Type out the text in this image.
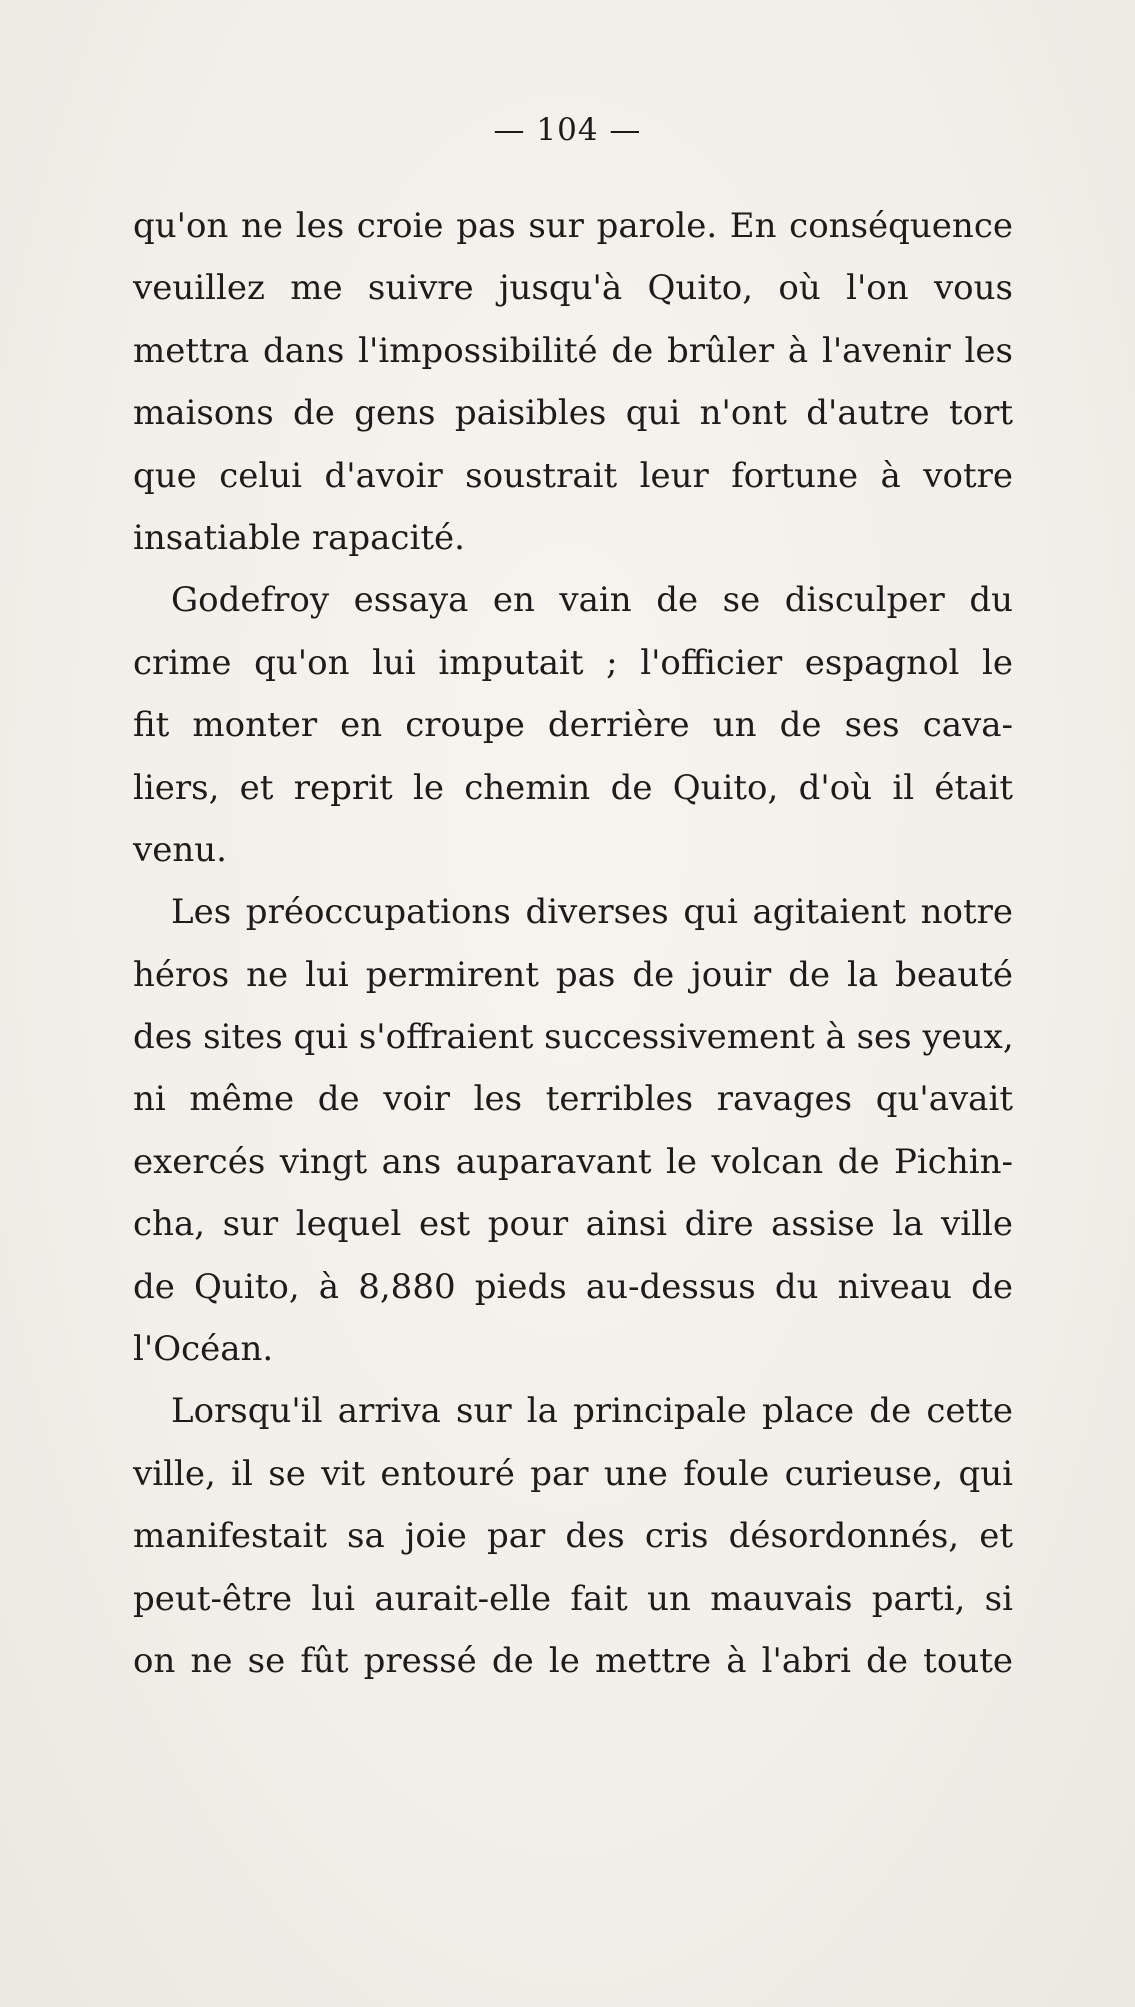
— 104 —
qu'on ne les croie pas sur parole. En conséquence
veuillez me suivre jusqu'à Quito, où l'on vous
mettra dans l'impossibilité de brûler à l'avenir les
maisons de gens paisibles qui n'ont d'autre tort
que celui d'avoir soustrait leur fortune à votre
insatiable rapacité.
Godefroy essaya en vain de se disculper du
crime qu'on lui imputait ; l'officier espagnol le
fit monter en croupe derrière un de ses cava-
liers, et reprit le chemin de Quito, d'où il était
venu.
Les préoccupations diverses qui agitaient notre
héros ne lui permirent pas de jouir de la beauté
des sites qui s'offraient successivement à ses yeux,
ni même de voir les terribles ravages qu'avait
exercés vingt ans auparavant le volcan de Pichin-
cha, sur lequel est pour ainsi dire assise la ville
de Quito, à 8,880 pieds au-dessus du niveau de
l'Océan.
Lorsqu'il arriva sur la principale place de cette
ville, il se vit entouré par une foule curieuse, qui
manifestait sa joie par des cris désordonnés, et
peut-être lui aurait-elle fait un mauvais parti, si
on ne se fût pressé de le mettre à l'abri de toute
